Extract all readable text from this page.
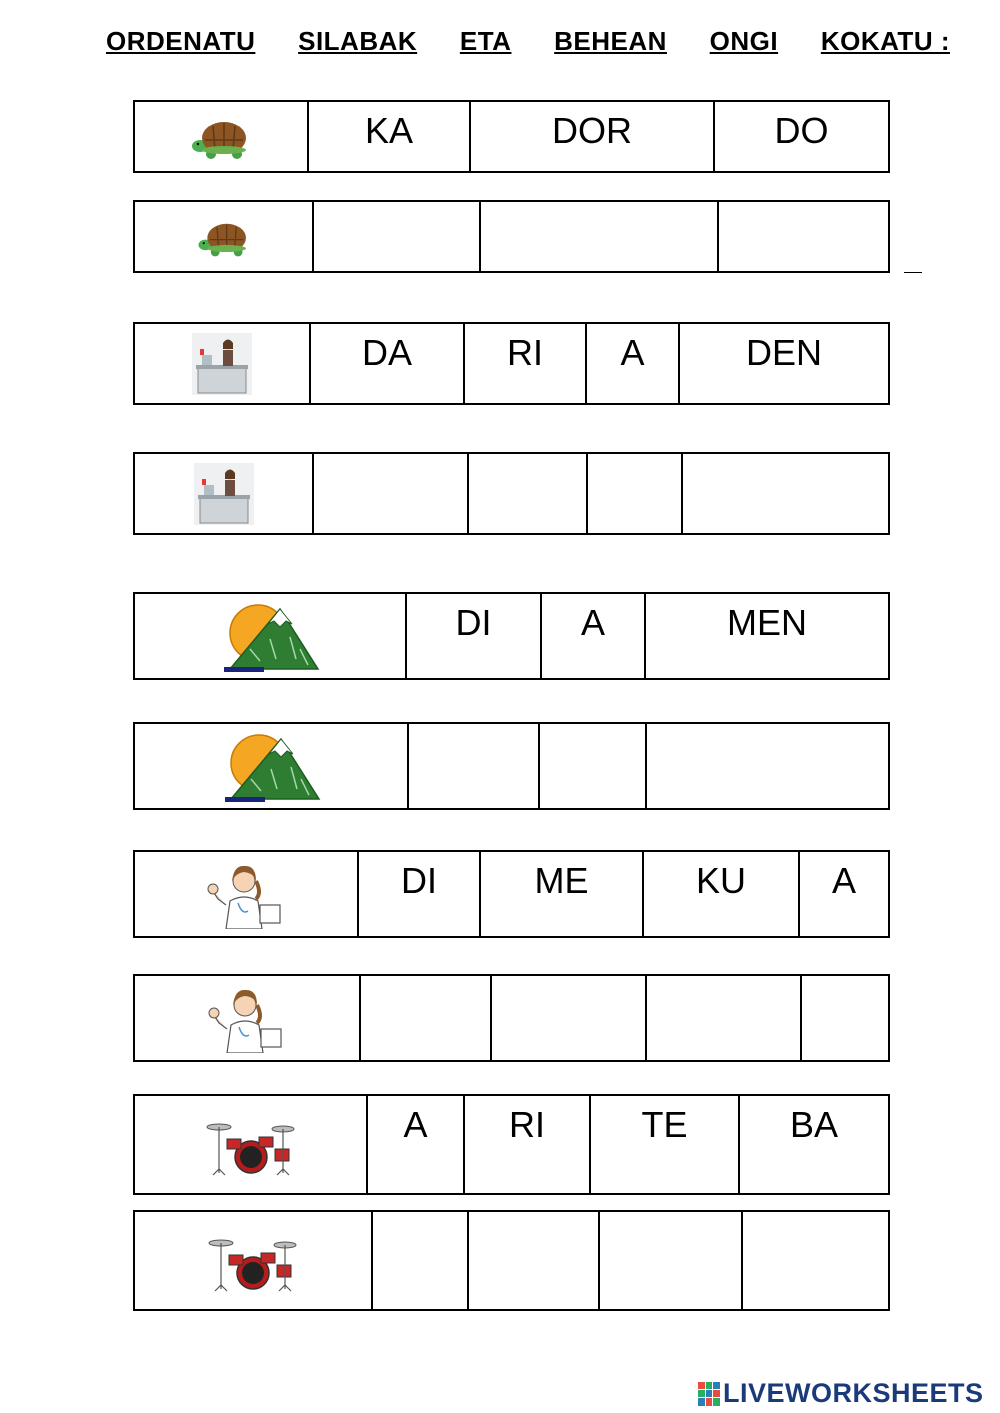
ORDENATU SILABAK ETA BEHEAN ONGI KOKATU :
KA	DOR	DO
DA	RI	A	DEN
DI	A	MEN
DI	ME	KU	A
A	RI	TE	BA
LIVEWORKSHEETS
